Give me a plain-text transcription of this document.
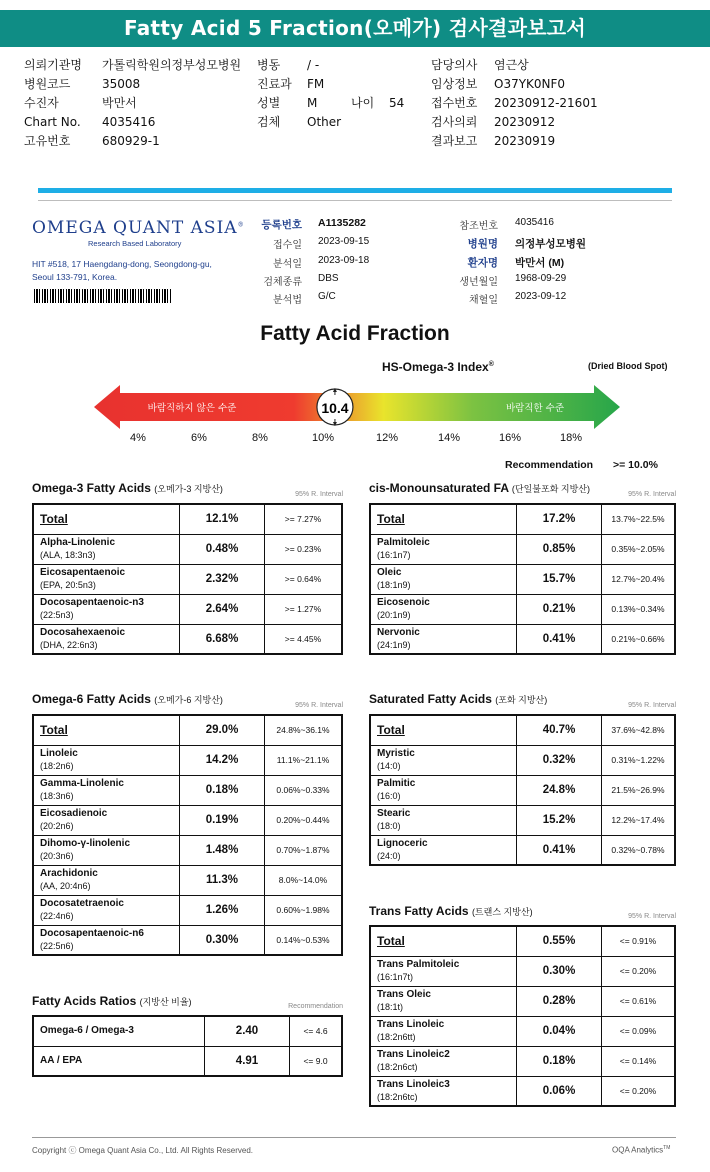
Fatty Acid 5 Fraction(오메가) 검사결과보고서
의뢰기관명 가톨릭학원의정부성모병원
병원코드	35008
수진자	박만서
Chart No. 4035416
고유번호	680929-1
병동 / -
진료과 FM
성별 M	나이 54
검체 Other
담당의사 염근상
임상정보 O37YK0NF0
접수번호 20230912-21601
검사의뢰 20230912
결과보고 20230919
OMEGA QUANT ASIA®
Research Based Laboratory
HIT #518, 17 Haengdang-dong, Seongdong-gu,
Seoul 133-791, Korea.
등록번호 A1135282
접수일 2023-09-15
분석일 2023-09-18
검체종류 DBS
분석법 G/C
참조번호 4035416
병원명 의정부성모병원
환자명 박만서 (M)
생년월일 1968-09-29
채혈일 2023-09-12
Fatty Acid Fraction
HS-Omega-3 Index®	(Dried Blood Spot)
바람직하지 않은 수준	바람직한 수준
10.4
4%	6%	8%	10%	12%	14%	16%	18%
Recommendation >= 10.0%
Omega-3 Fatty Acids (오메가-3 지방산)
95% R. Interval
Total	12.1%	>= 7.27%

Alpha-Linolenic
(ALA, 18:3n3)	0.48%	>= 0.23%

Eicosapentaenoic
(EPA, 20:5n3)	2.32%	>= 0.64%

Docosapentaenoic-n3
(22:5n3)	2.64%	>= 1.27%

Docosahexaenoic
(DHA, 22:6n3)	6.68%	>= 4.45%
cis-Monounsaturated FA (단일불포화 지방산)
95% R. Interval
Total	17.2%	13.7%~22.5%

Palmitoleic
(16:1n7)	0.85%	0.35%~2.05%

Oleic
(18:1n9)	15.7%	12.7%~20.4%

Eicosenoic
(20:1n9)	0.21%	0.13%~0.34%

Nervonic
(24:1n9)	0.41%	0.21%~0.66%
Omega-6 Fatty Acids (오메가-6 지방산)
95% R. Interval
Total	29.0%	24.8%~36.1%

Linoleic
(18:2n6)	14.2%	11.1%~21.1%

Gamma-Linolenic
(18:3n6)	0.18%	0.06%~0.33%

Eicosadienoic
(20:2n6)	0.19%	0.20%~0.44%

Dihomo-γ-linolenic
(20:3n6)	1.48%	0.70%~1.87%

Arachidonic
(AA, 20:4n6)	11.3%	8.0%~14.0%

Docosatetraenoic
(22:4n6)	1.26%	0.60%~1.98%

Docosapentaenoic-n6
(22:5n6)	0.30%	0.14%~0.53%
Saturated Fatty Acids (포화 지방산)
95% R. Interval
Total	40.7%	37.6%~42.8%

Myristic
(14:0)	0.32%	0.31%~1.22%

Palmitic
(16:0)	24.8%	21.5%~26.9%

Stearic
(18:0)	15.2%	12.2%~17.4%

Lignoceric
(24:0)	0.41%	0.32%~0.78%
Trans Fatty Acids (트랜스 지방산)	95% R. Interval
Total	0.55%	<= 0.91%

Trans Palmitoleic
(16:1n7t)	0.30%	<= 0.20%

Trans Oleic
(18:1t)	0.28%	<= 0.61%

Trans Linoleic
(18:2n6tt)	0.04%	<= 0.09%

Trans Linoleic2
(18:2n6ct)	0.18%	<= 0.14%

Trans Linoleic3
(18:2n6tc)	0.06%	<= 0.20%
Fatty Acids Ratios (지방산 비율)	Recommendation
Omega-6 / Omega-3	2.40	<= 4.6

AA / EPA	4.91	<= 9.0
Copyright ⓒ Omega Quant Asia Co., Ltd. All Rights Reserved.	OQA Analytics™
